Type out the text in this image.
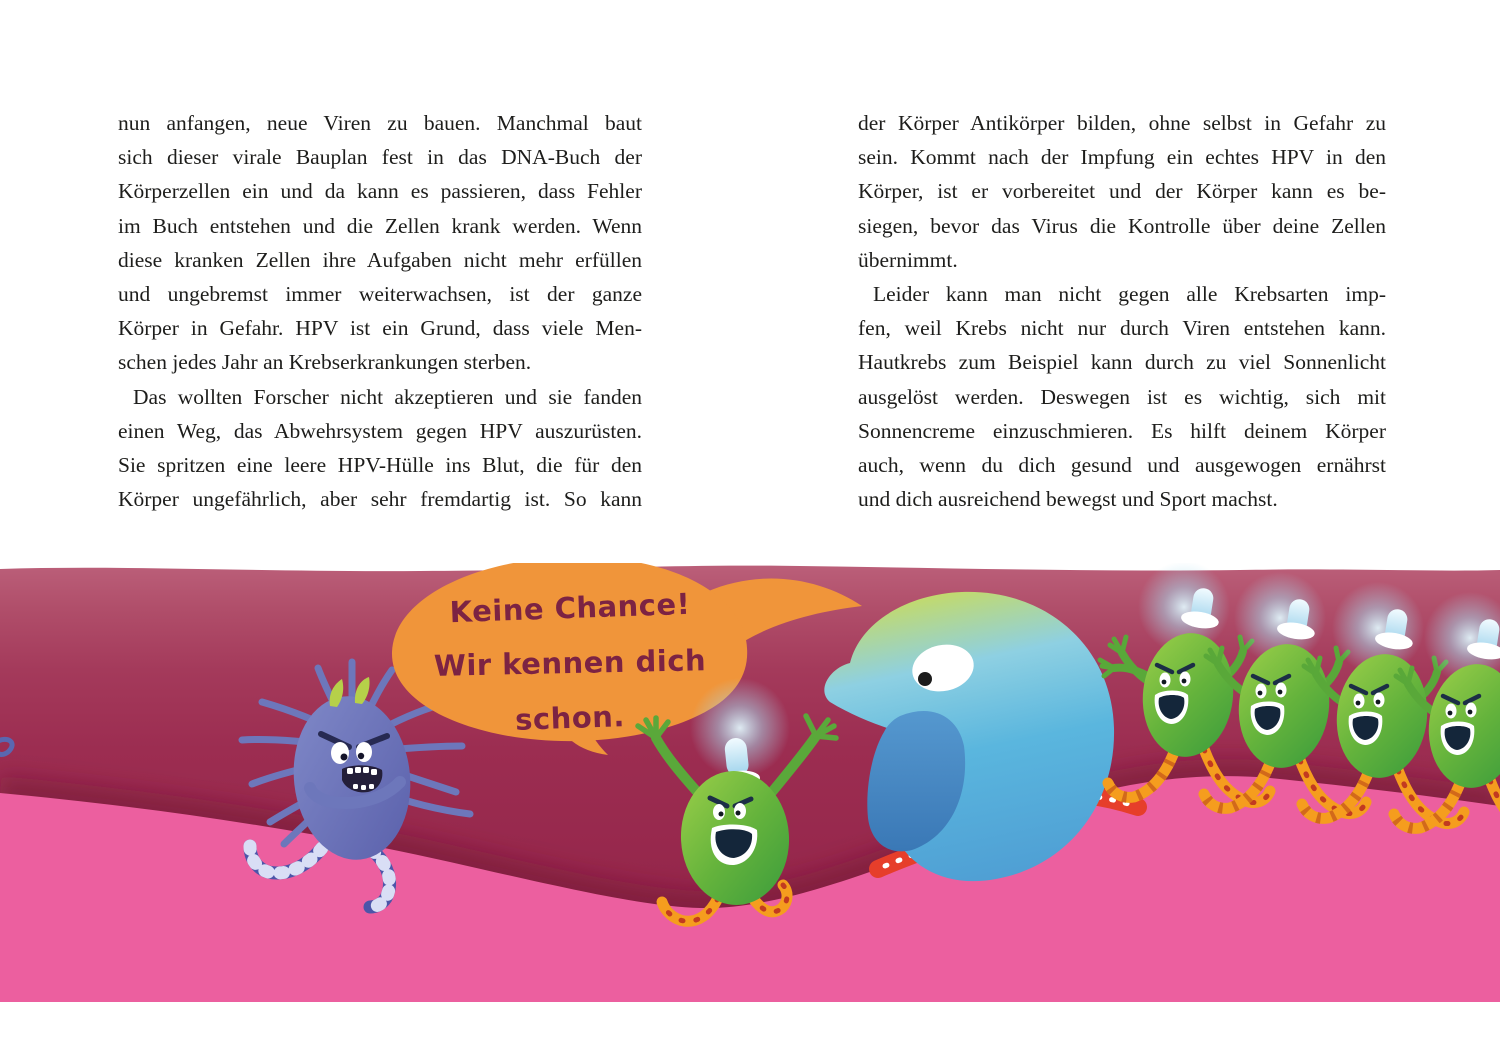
nun anfangen, neue Viren zu bauen. Manchmal baut
sich dieser virale Bauplan fest in das DNA-Buch der
Körperzellen ein und da kann es passieren, dass Fehler
im Buch entstehen und die Zellen krank werden. Wenn
diese kranken Zellen ihre Aufgaben nicht mehr erfüllen
und ungebremst immer weiterwachsen, ist der ganze
Körper in Gefahr. HPV ist ein Grund, dass viele Men-
schen jedes Jahr an Krebserkrankungen sterben.
Das wollten Forscher nicht akzeptieren und sie fanden
einen Weg, das Abwehrsystem gegen HPV auszurüsten.
Sie spritzen eine leere HPV-Hülle ins Blut, die für den
Körper ungefährlich, aber sehr fremdartig ist. So kann
der Körper Antikörper bilden, ohne selbst in Gefahr zu
sein. Kommt nach der Impfung ein echtes HPV in den
Körper, ist er vorbereitet und der Körper kann es be-
siegen, bevor das Virus die Kontrolle über deine Zellen
übernimmt.
Leider kann man nicht gegen alle Krebsarten imp-
fen, weil Krebs nicht nur durch Viren entstehen kann.
Hautkrebs zum Beispiel kann durch zu viel Sonnenlicht
ausgelöst werden. Deswegen ist es wichtig, sich mit
Sonnencreme einzuschmieren. Es hilft deinem Körper
auch, wenn du dich gesund und ausgewogen ernährst
und dich ausreichend bewegst und Sport machst.
Keine Chance!
Wir kennen dich
schon.
